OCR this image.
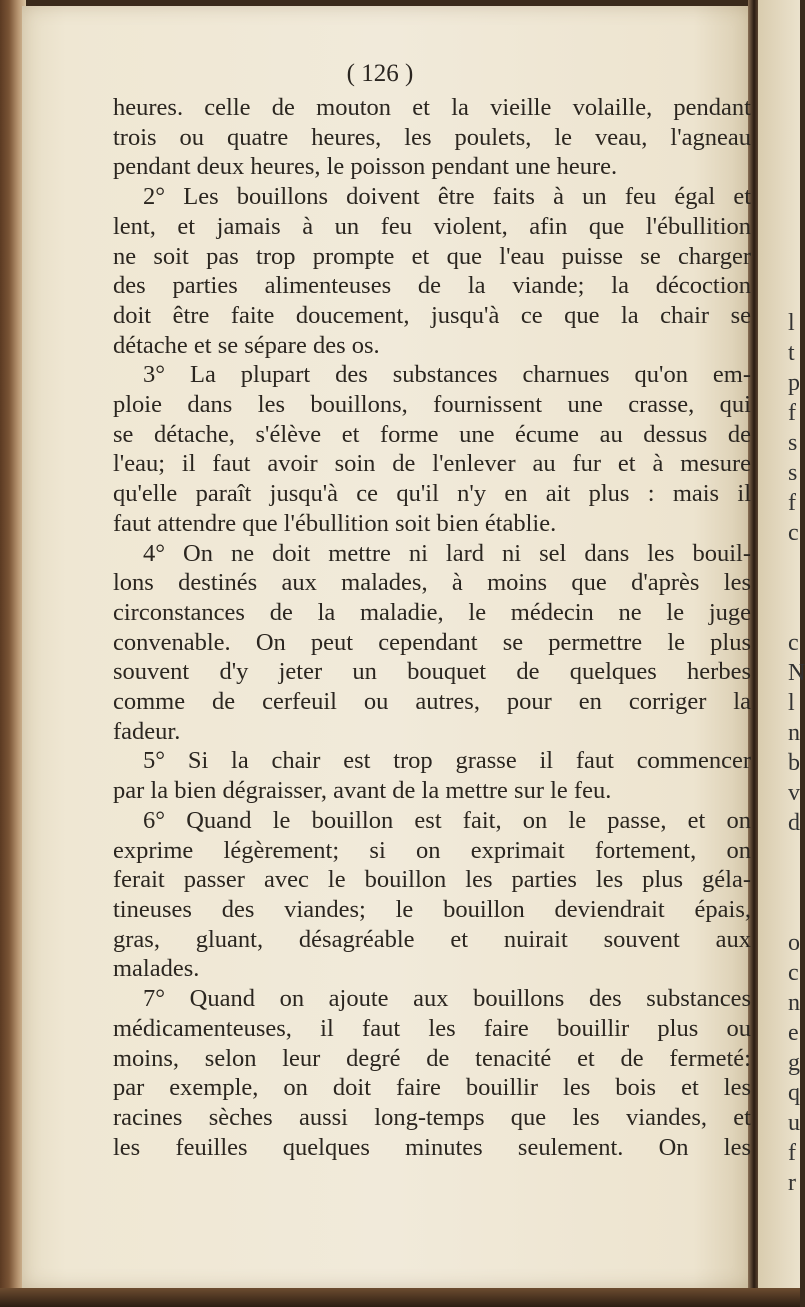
l
t
p
f
s
s
f
c
c
N
l
n
b
v
d
o
c
n
e
g
q
u
f
r
( 126 )
heures. celle de mouton et la vieille volaille, pendant
trois ou quatre heures, les poulets, le veau, l'agneau
pendant deux heures, le poisson pendant une heure.
2° Les bouillons doivent être faits à un feu égal et
lent, et jamais à un feu violent, afin que l'ébullition
ne soit pas trop prompte et que l'eau puisse se charger
des parties alimenteuses de la viande; la décoction
doit être faite doucement, jusqu'à ce que la chair se
détache et se sépare des os.
3° La plupart des substances charnues qu'on em-
ploie dans les bouillons, fournissent une crasse, qui
se détache, s'élève et forme une écume au dessus de
l'eau; il faut avoir soin de l'enlever au fur et à mesure
qu'elle paraît jusqu'à ce qu'il n'y en ait plus : mais il
faut attendre que l'ébullition soit bien établie.
4° On ne doit mettre ni lard ni sel dans les bouil-
lons destinés aux malades, à moins que d'après les
circonstances de la maladie, le médecin ne le juge
convenable. On peut cependant se permettre le plus
souvent d'y jeter un bouquet de quelques herbes
comme de cerfeuil ou autres, pour en corriger la
fadeur.
5° Si la chair est trop grasse il faut commencer
par la bien dégraisser, avant de la mettre sur le feu.
6° Quand le bouillon est fait, on le passe, et on
exprime légèrement; si on exprimait fortement, on
ferait passer avec le bouillon les parties les plus géla-
tineuses des viandes; le bouillon deviendrait épais,
gras, gluant, désagréable et nuirait souvent aux
malades.
7° Quand on ajoute aux bouillons des substances
médicamenteuses, il faut les faire bouillir plus ou
moins, selon leur degré de tenacité et de fermeté:
par exemple, on doit faire bouillir les bois et les
racines sèches aussi long-temps que les viandes, et
les feuilles quelques minutes seulement. On les
